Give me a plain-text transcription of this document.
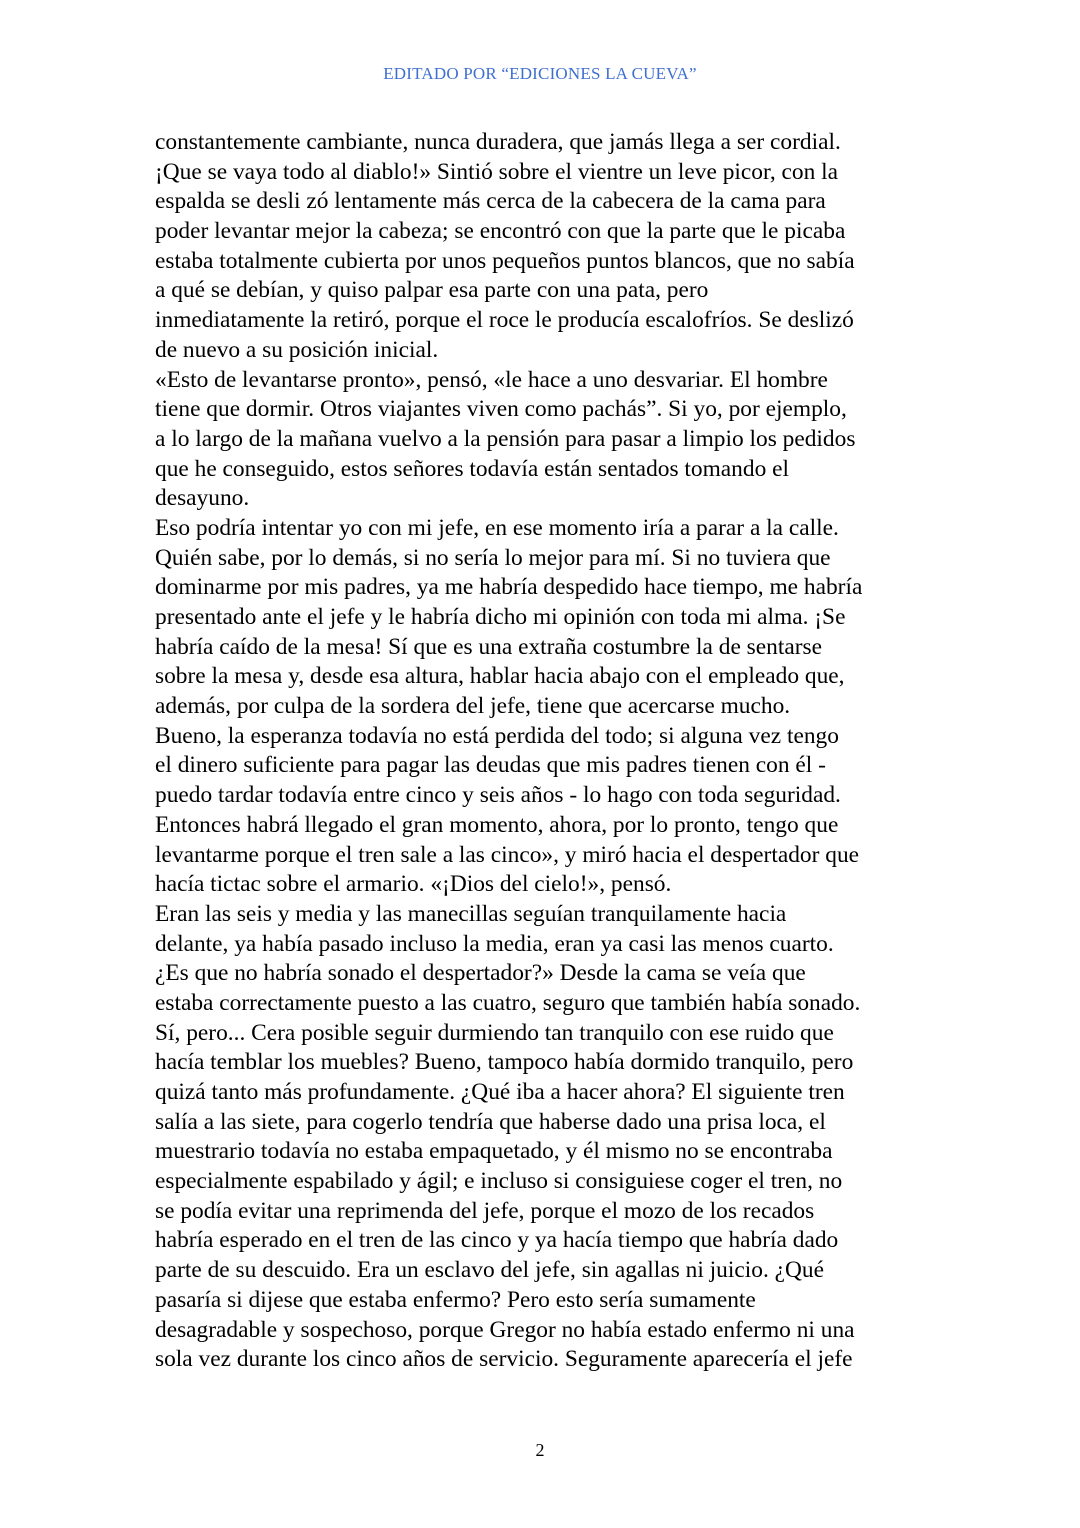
EDITADO POR “EDICIONES LA CUEVA”
constantemente cambiante, nunca duradera, que jamás llega a ser cordial.
¡Que se vaya todo al diablo!» Sintió sobre el vientre un leve picor, con la
espalda se desli zó lentamente más cerca de la cabecera de la cama para
poder levantar mejor la cabeza; se encontró con que la parte que le picaba
estaba totalmente cubierta por unos pequeños puntos blancos, que no sabía
a qué se debían, y quiso palpar esa parte con una pata, pero
inmediatamente la retiró, porque el roce le producía escalofríos. Se deslizó
de nuevo a su posición inicial.
«Esto de levantarse pronto», pensó, «le hace a uno desvariar. El hombre
tiene que dormir. Otros viajantes viven como pachás”. Si yo, por ejemplo,
a lo largo de la mañana vuelvo a la pensión para pasar a limpio los pedidos
que he conseguido, estos señores todavía están sentados tomando el
desayuno.
Eso podría intentar yo con mi jefe, en ese momento iría a parar a la calle.
Quién sabe, por lo demás, si no sería lo mejor para mí. Si no tuviera que
dominarme por mis padres, ya me habría despedido hace tiempo, me habría
presentado ante el jefe y le habría dicho mi opinión con toda mi alma. ¡Se
habría caído de la mesa! Sí que es una extraña costumbre la de sentarse
sobre la mesa y, desde esa altura, hablar hacia abajo con el empleado que,
además, por culpa de la sordera del jefe, tiene que acercarse mucho.
Bueno, la esperanza todavía no está perdida del todo; si alguna vez tengo
el dinero suficiente para pagar las deudas que mis padres tienen con él -
puedo tardar todavía entre cinco y seis años - lo hago con toda seguridad.
Entonces habrá llegado el gran momento, ahora, por lo pronto, tengo que
levantarme porque el tren sale a las cinco», y miró hacia el despertador que
hacía tictac sobre el armario. «¡Dios del cielo!», pensó.
Eran las seis y media y las manecillas seguían tranquilamente hacia
delante, ya había pasado incluso la media, eran ya casi las menos cuarto.
¿Es que no habría sonado el despertador?» Desde la cama se veía que
estaba correctamente puesto a las cuatro, seguro que también había sonado.
Sí, pero... Cera posible seguir durmiendo tan tranquilo con ese ruido que
hacía temblar los muebles? Bueno, tampoco había dormido tranquilo, pero
quizá tanto más profundamente. ¿Qué iba a hacer ahora? El siguiente tren
salía a las siete, para cogerlo tendría que haberse dado una prisa loca, el
muestrario todavía no estaba empaquetado, y él mismo no se encontraba
especialmente espabilado y ágil; e incluso si consiguiese coger el tren, no
se podía evitar una reprimenda del jefe, porque el mozo de los recados
habría esperado en el tren de las cinco y ya hacía tiempo que habría dado
parte de su descuido. Era un esclavo del jefe, sin agallas ni juicio. ¿Qué
pasaría si dijese que estaba enfermo? Pero esto sería sumamente
desagradable y sospechoso, porque Gregor no había estado enfermo ni una
sola vez durante los cinco años de servicio. Seguramente aparecería el jefe
2
